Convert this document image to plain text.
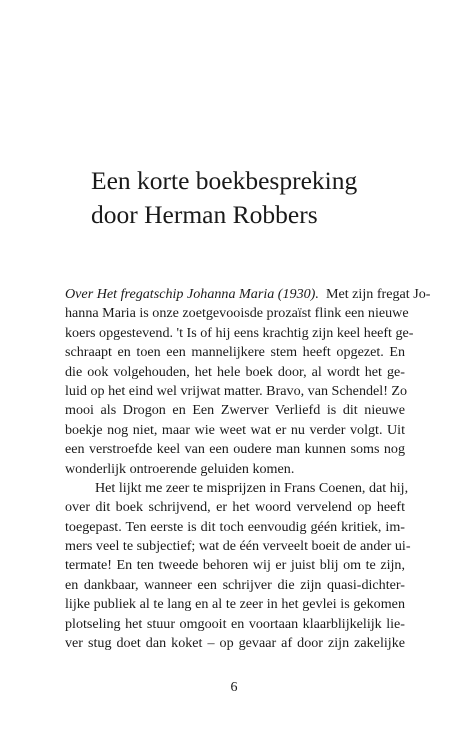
Een korte boekbespreking
door Herman Robbers
Over Het fregatschip Johanna Maria (1930). Met zijn fregat Jo-
hanna Maria is onze zoetgevooisde prozaïst flink een nieuwe
koers opgestevend. 't Is of hij eens krachtig zijn keel heeft ge-
schraapt en toen een mannelijkere stem heeft opgezet. En
die ook volgehouden, het hele boek door, al wordt het ge-
luid op het eind wel vrijwat matter. Bravo, van Schendel! Zo
mooi als Drogon en Een Zwerver Verliefd is dit nieuwe
boekje nog niet, maar wie weet wat er nu verder volgt. Uit
een verstroefde keel van een oudere man kunnen soms nog
wonderlijk ontroerende geluiden komen.
Het lijkt me zeer te misprijzen in Frans Coenen, dat hij,
over dit boek schrijvend, er het woord vervelend op heeft
toegepast. Ten eerste is dit toch eenvoudig géén kritiek, im-
mers veel te subjectief; wat de één verveelt boeit de ander ui-
termate! En ten tweede behoren wij er juist blij om te zijn,
en dankbaar, wanneer een schrijver die zijn quasi-dichter-
lijke publiek al te lang en al te zeer in het gevlei is gekomen
plotseling het stuur omgooit en voortaan klaarblijkelijk lie-
ver stug doet dan koket – op gevaar af door zijn zakelijke
6
